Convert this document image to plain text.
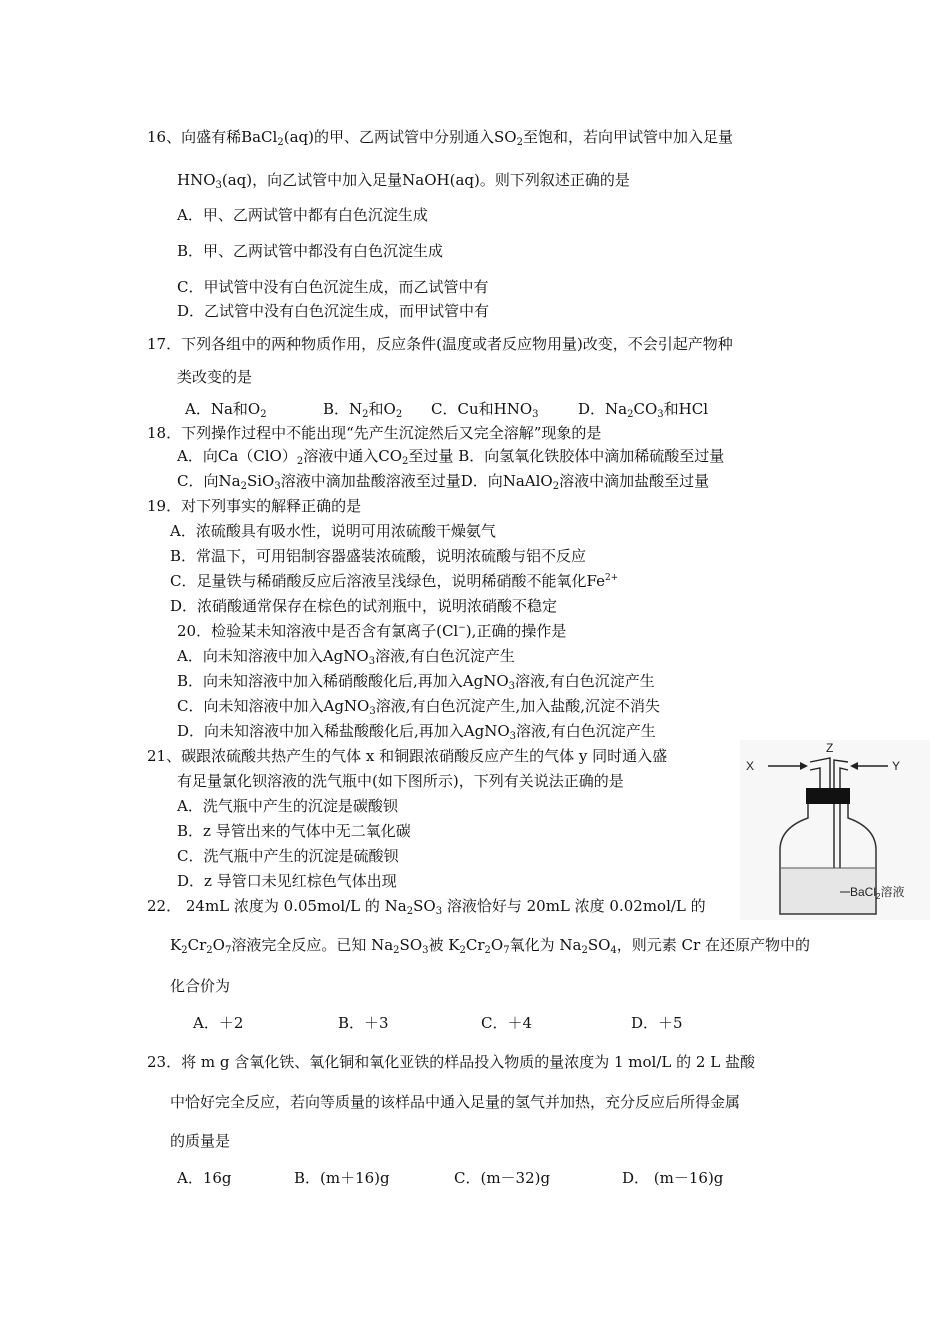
16、向盛有稀BaCl$_2$(aq)的甲、乙两试管中分别通入$SO_2$至饱和，若向甲试管中加入足量
$HNO_3(aq)$，向乙试管中加入足量NaOH(aq)。则下列叙述正确的是
A．甲、乙两试管中都有白色沉淀生成
B．甲、乙两试管中都没有白色沉淀生成
C．甲试管中没有白色沉淀生成，而乙试管中有
D．乙试管中没有白色沉淀生成，而甲试管中有
17．下列各组中的两种物质作用，反应条件(温度或者反应物用量)改变，不会引起产物种
类改变的是
A．Na和$O_2$	B．$N_2$和$O_2$ C．Cu和$HNO_3$	D．$Na_2CO_3$和HCl
18．下列操作过程中不能出现“先产生沉淀然后又完全溶解”现象的是
A．向$Ca(ClO)_2$溶液中通入$CO_2$至过量 B．向氢氧化铁胶体中滴加稀硫酸至过量
C．向$Na_2SiO_3$溶液中滴加盐酸溶液至过量D．向NaAlO$_2$溶液中滴加盐酸至过量
19．对下列事实的解释正确的是
A．浓硫酸具有吸水性，说明可用浓硫酸干燥氨气
B．常温下，可用铝制容器盛装浓硫酸，说明浓硫酸与铝不反应
C．足量铁与稀硝酸反应后溶液呈浅绿色，说明稀硝酸不能氧化$Fe^{2+}$
D．浓硝酸通常保存在棕色的试剂瓶中，说明浓硝酸不稳定
20．检验某未知溶液中是否含有氯离子(Cl−),正确的操作是
A．向未知溶液中加入AgNO$_3$溶液,有白色沉淀产生
B．向未知溶液中加入稀硝酸酸化后,再加入AgNO$_3$溶液,有白色沉淀产生
C．向未知溶液中加入AgNO$_3$溶液,有白色沉淀产生,加入盐酸,沉淀不消失
D．向未知溶液中加入稀盐酸酸化后,再加入AgNO$_3$溶液,有白色沉淀产生
21、碳跟浓硫酸共热产生的气体 x 和铜跟浓硝酸反应产生的气体 y 同时通入盛
有足量氯化钡溶液的洗气瓶中(如下图所示)，下列有关说法正确的是
A．洗气瓶中产生的沉淀是碳酸钡
B．z 导管出来的气体中无二氧化碳
C．洗气瓶中产生的沉淀是硫酸钡
D．z 导管口未见红棕色气体出现
X	Y
Z
BaCl$_2$溶液
22． 24mL 浓度为 0.05mol/L 的 $Na_2SO_3$ 溶液恰好与 20mL 浓度 0.02mol/L 的
$K_2Cr_2O_7$溶液完全反应。已知 $Na_2SO_3$被 $K_2Cr_2O_7$氧化为 $Na_2SO_4$，则元素 Cr 在还原产物中的
化合价为
A．＋2	B．＋3	C．＋4	D．＋5
23．将 m g 含氧化铁、氧化铜和氧化亚铁的样品投入物质的量浓度为 1 mol/L 的 2 L 盐酸
中恰好完全反应，若向等质量的该样品中通入足量的氢气并加热，充分反应后所得金属
的质量是
A．16g	B．(m＋16)g	C．(m－32)g	D． (m－16)g
